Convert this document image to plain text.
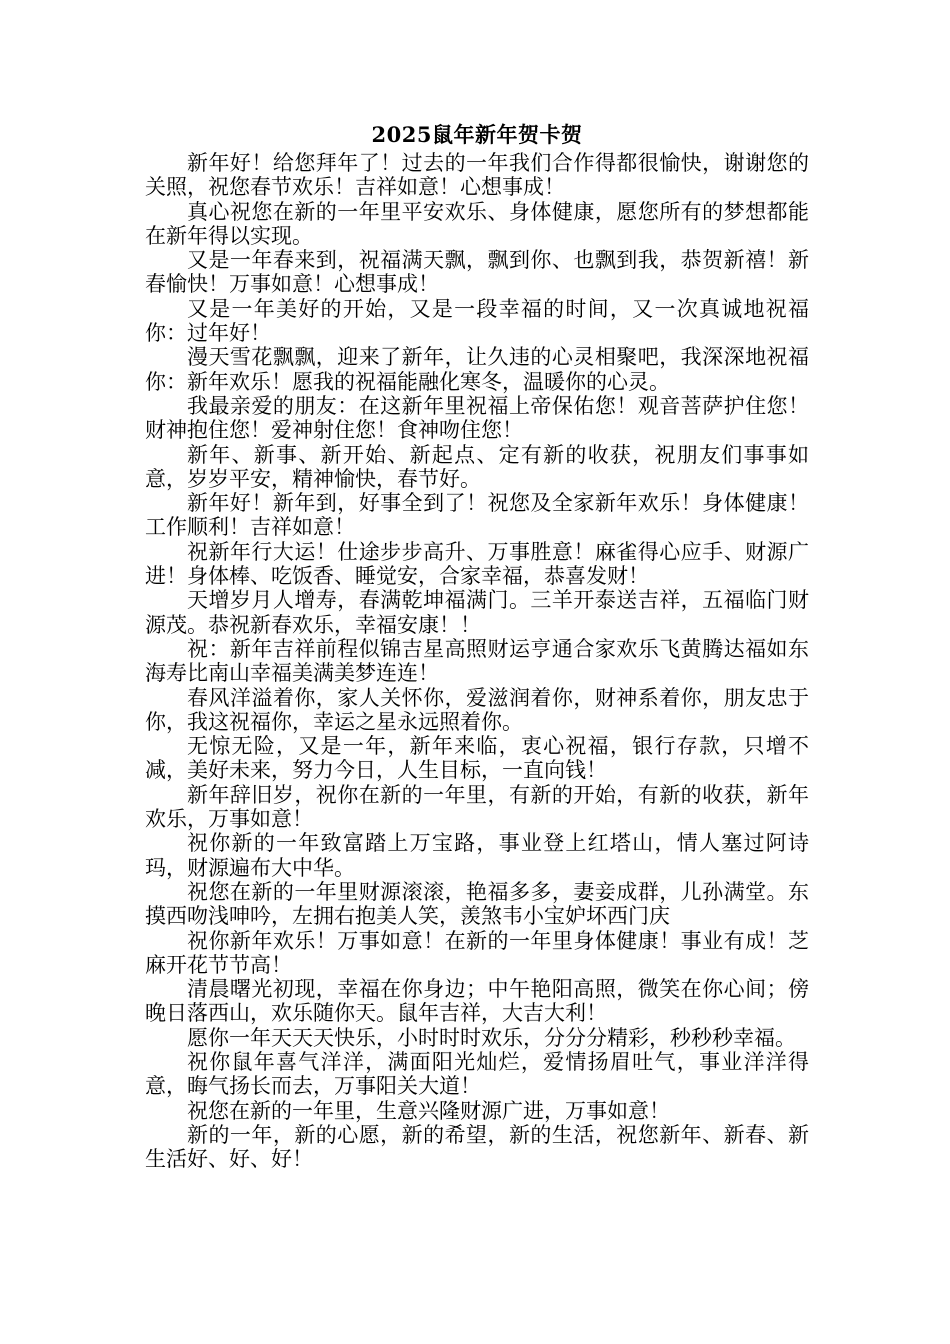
2025鼠年新年贺卡贺

新年好！给您拜年了！过去的一年我们合作得都很愉快，谢谢您的关照，祝您春节欢乐！吉祥如意！心想事成！

真心祝您在新的一年里平安欢乐、身体健康，愿您所有的梦想都能在新年得以实现。

又是一年春来到，祝福满天飘，飘到你、也飘到我，恭贺新禧！新春愉快！万事如意！心想事成！

又是一年美好的开始，又是一段幸福的时间，又一次真诚地祝福你：过年好！

漫天雪花飘飘，迎来了新年，让久违的心灵相聚吧，我深深地祝福你：新年欢乐！愿我的祝福能融化寒冬，温暖你的心灵。

我最亲爱的朋友：在这新年里祝福上帝保佑您！观音菩萨护住您！财神抱住您！爱神射住您！食神吻住您！

新年、新事、新开始、新起点、定有新的收获，祝朋友们事事如意，岁岁平安，精神愉快，春节好。

新年好！新年到，好事全到了！祝您及全家新年欢乐！身体健康！工作顺利！吉祥如意！

祝新年行大运！仕途步步高升、万事胜意！麻雀得心应手、财源广进！身体棒、吃饭香、睡觉安，合家幸福，恭喜发财！

天增岁月人增寿，春满乾坤福满门。三羊开泰送吉祥，五福临门财源茂。恭祝新春欢乐，幸福安康！！

祝：新年吉祥前程似锦吉星高照财运亨通合家欢乐飞黄腾达福如东海寿比南山幸福美满美梦连连！

春风洋溢着你，家人关怀你，爱滋润着你，财神系着你，朋友忠于你，我这祝福你，幸运之星永远照着你。

无惊无险，又是一年，新年来临，衷心祝福，银行存款，只增不减，美好未来，努力今日，人生目标，一直向钱！

新年辞旧岁，祝你在新的一年里，有新的开始，有新的收获，新年欢乐，万事如意！

祝你新的一年致富踏上万宝路，事业登上红塔山，情人塞过阿诗玛，财源遍布大中华。

祝您在新的一年里财源滚滚，艳福多多，妻妾成群，儿孙满堂。东摸西吻浅呻吟，左拥右抱美人笑，羡煞韦小宝妒坏西门庆

祝你新年欢乐！万事如意！在新的一年里身体健康！事业有成！芝麻开花节节高！

清晨曙光初现，幸福在你身边；中午艳阳高照，微笑在你心间；傍晚日落西山，欢乐随你天。鼠年吉祥，大吉大利！

愿你一年天天天快乐，小时时时欢乐，分分分精彩，秒秒秒幸福。

祝你鼠年喜气洋洋，满面阳光灿烂，爱情扬眉吐气，事业洋洋得意，晦气扬长而去，万事阳关大道！

祝您在新的一年里，生意兴隆财源广进，万事如意！

新的一年，新的心愿，新的希望，新的生活，祝您新年、新春、新生活好、好、好！
